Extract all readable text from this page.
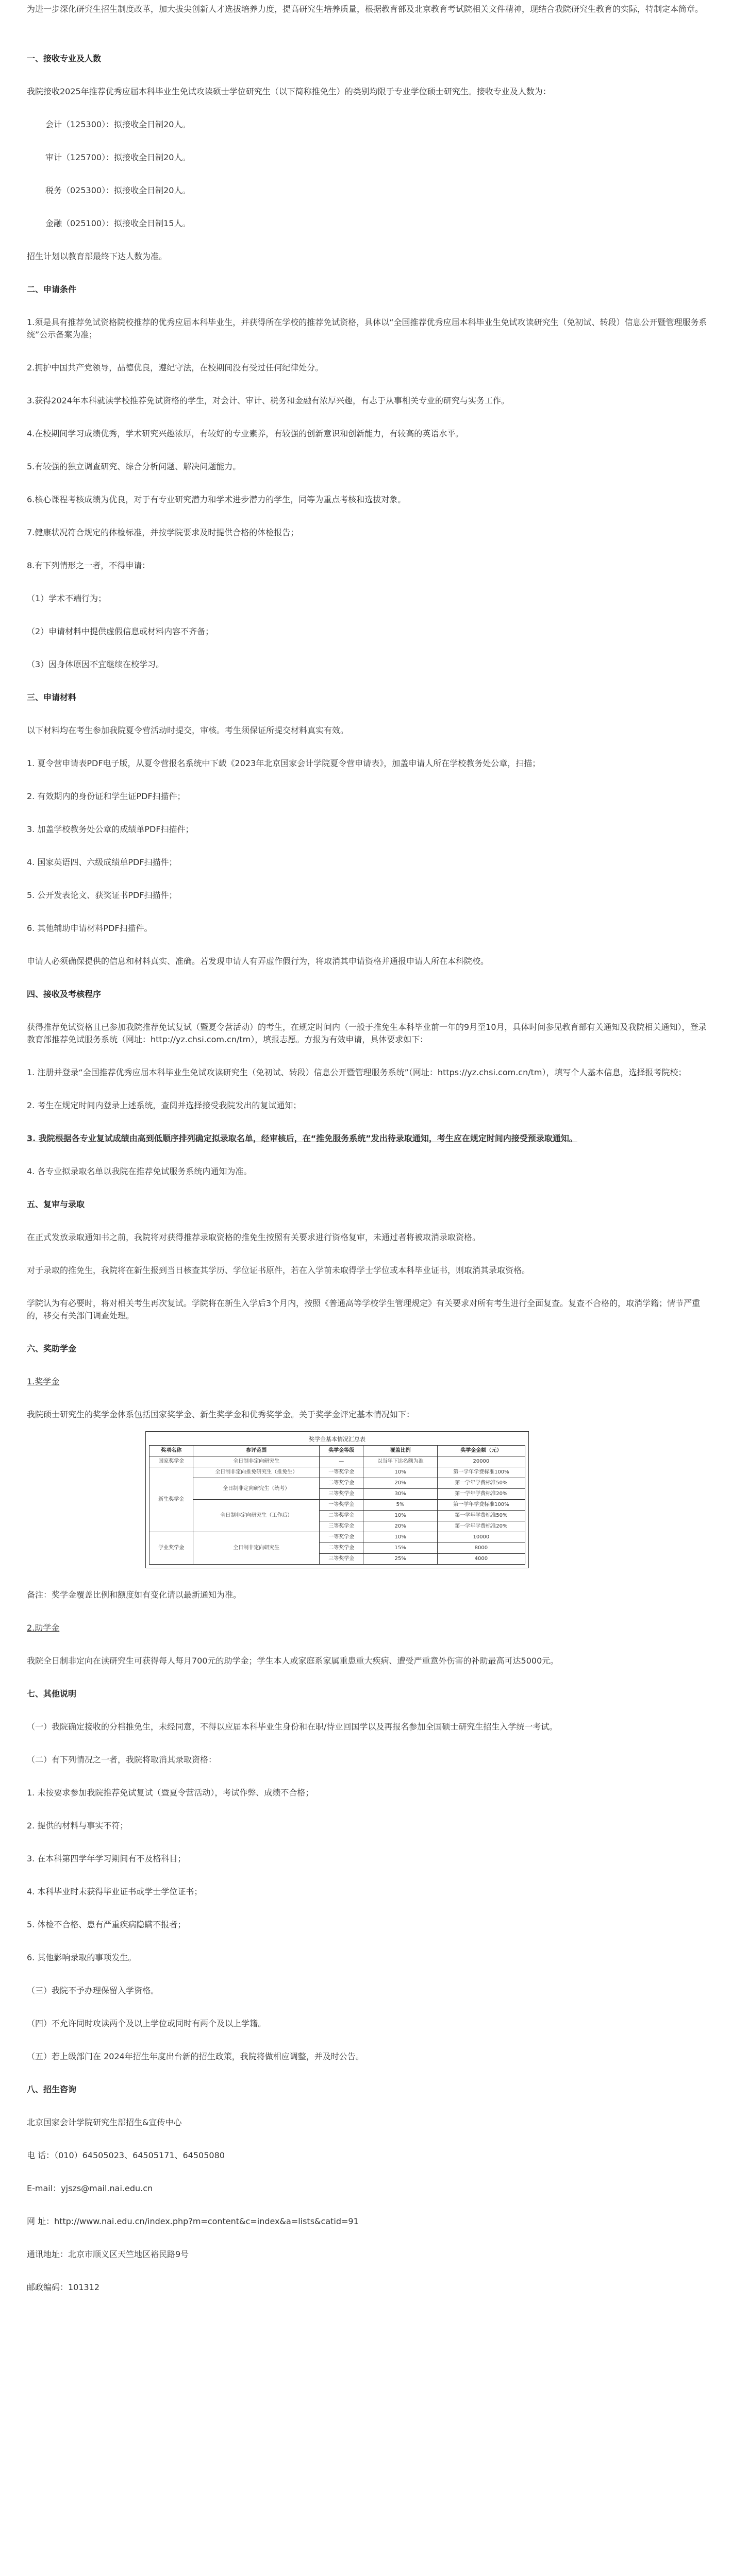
为进一步深化研究生招生制度改革，加大拔尖创新人才选拔培养力度，提高研究生培养质量，根据教育部及北京教育考试院相关文件精神，现结合我院研究生教育的实际，特制定本简章。

一、接收专业及人数

我院接收2025年推荐优秀应届本科毕业生免试攻读硕士学位研究生（以下简称推免生）的类别均限于专业学位硕士研究生。接收专业及人数为：

会计（125300）：拟接收全日制20人。

审计（125700）：拟接收全日制20人。

税务（025300）：拟接收全日制20人。

金融（025100）：拟接收全日制15人。

招生计划以教育部最终下达人数为准。

二、申请条件

1.须是具有推荐免试资格院校推荐的优秀应届本科毕业生，并获得所在学校的推荐免试资格，具体以“全国推荐优秀应届本科毕业生免试攻读研究生（免初试、转段）信息公开暨管理服务系统”公示备案为准；

2.拥护中国共产党领导，品德优良，遵纪守法，在校期间没有受过任何纪律处分。

3.获得2024年本科就读学校推荐免试资格的学生，对会计、审计、税务和金融有浓厚兴趣，有志于从事相关专业的研究与实务工作。

4.在校期间学习成绩优秀，学术研究兴趣浓厚，有较好的专业素养，有较强的创新意识和创新能力，有较高的英语水平。

5.有较强的独立调查研究、综合分析问题、解决问题能力。

6.核心课程考核成绩为优良，对于有专业研究潜力和学术进步潜力的学生，同等为重点考核和选拔对象。

7.健康状况符合规定的体检标准，并按学院要求及时提供合格的体检报告；

8.有下列情形之一者，不得申请：

（1）学术不端行为；

（2）申请材料中提供虚假信息或材料内容不齐备；

（3）因身体原因不宜继续在校学习。

三、申请材料

以下材料均在考生参加我院夏令营活动时提交，审核。考生须保证所提交材料真实有效。

1. 夏令营申请表PDF电子版，从夏令营报名系统中下载《2023年北京国家会计学院夏令营申请表》，加盖申请人所在学校教务处公章，扫描；

2. 有效期内的身份证和学生证PDF扫描件；

3. 加盖学校教务处公章的成绩单PDF扫描件；

4. 国家英语四、六级成绩单PDF扫描件；

5. 公开发表论文、获奖证书PDF扫描件；

6. 其他辅助申请材料PDF扫描件。

申请人必须确保提供的信息和材料真实、准确。若发现申请人有弄虚作假行为，将取消其申请资格并通报申请人所在本科院校。

四、接收及考核程序

获得推荐免试资格且已参加我院推荐免试复试（暨夏令营活动）的考生，在规定时间内（一般于推免生本科毕业前一年的9月至10月，具体时间参见教育部有关通知及我院相关通知），登录教育部推荐免试服务系统（网址：http://yz.chsi.com.cn/tm），填报志愿。方报为有效申请，具体要求如下：

1. 注册并登录“全国推荐优秀应届本科毕业生免试攻读研究生（免初试、转段）信息公开暨管理服务系统”（网址：https://yz.chsi.com.cn/tm），填写个人基本信息，选择报考院校；

2. 考生在规定时间内登录上述系统，查阅并选择接受我院发出的复试通知；

3. 我院根据各专业复试成绩由高到低顺序排列确定拟录取名单，经审核后，在“推免服务系统”发出待录取通知，考生应在规定时间内接受预录取通知。

4. 各专业拟录取名单以我院在推荐免试服务系统内通知为准。

五、复审与录取

在正式发放录取通知书之前，我院将对获得推荐录取资格的推免生按照有关要求进行资格复审，未通过者将被取消录取资格。

对于录取的推免生，我院将在新生报到当日核查其学历、学位证书原件，若在入学前未取得学士学位或本科毕业证书，则取消其录取资格。

学院认为有必要时，将对相关考生再次复试。学院将在新生入学后3个月内，按照《普通高等学校学生管理规定》有关要求对所有考生进行全面复查。复查不合格的，取消学籍；情节严重的，移交有关部门调查处理。

六、奖助学金

1.奖学金

我院硕士研究生的奖学金体系包括国家奖学金、新生奖学金和优秀奖学金。关于奖学金评定基本情况如下：

奖学金基本情况汇总表
奖项名称	参评范围	奖学金等级	覆盖比例	奖学金金额（元）
国家奖学金	全日制非定向研究生	—	以当年下达名额为准	20000
新生奖学金	全日制非定向推免研究生（推免生）	一等奖学金	10%	第一学年学费标准100%
	全日制非定向研究生（统考）	二等奖学金	20%	第一学年学费标准50%
		三等奖学金	30%	第一学年学费标准20%
	全日制非定向研究生（工作后）	一等奖学金	5%	第一学年学费标准100%
		二等奖学金	10%	第一学年学费标准50%
		三等奖学金	20%	第一学年学费标准20%
学业奖学金	全日制非定向研究生	一等奖学金	10%	10000
		二等奖学金	15%	8000
		三等奖学金	25%	4000

备注：奖学金覆盖比例和额度如有变化请以最新通知为准。

2.助学金

我院全日制非定向在读研究生可获得每人每月700元的助学金；学生本人或家庭系家属重患重大疾病、遭受严重意外伤害的补助最高可达5000元。

七、其他说明

（一）我院确定接收的分档推免生，未经同意，不得以应届本科毕业生身份和在职/待业回国学以及再报名参加全国硕士研究生招生入学统一考试。

（二）有下列情况之一者，我院将取消其录取资格：

1. 未按要求参加我院推荐免试复试（暨夏令营活动），考试作弊、成绩不合格；

2. 提供的材料与事实不符；

3. 在本科第四学年学习期间有不及格科目；

4. 本科毕业时未获得毕业证书或学士学位证书；

5. 体检不合格、患有严重疾病隐瞒不报者；

6. 其他影响录取的事项发生。

（三）我院不予办理保留入学资格。

（四）不允许同时攻读两个及以上学位或同时有两个及以上学籍。

（五）若上级部门在 2024年招生年度出台新的招生政策，我院将做相应调整，并及时公告。

八、招生咨询

北京国家会计学院研究生部招生&宣传中心

电 话：（010）64505023、64505171、64505080

E-mail：yjszs@mail.nai.edu.cn

网 址：http://www.nai.edu.cn/index.php?m=content&c=index&a=lists&catid=91

通讯地址：北京市顺义区天竺地区裕民路9号

邮政编码：101312
